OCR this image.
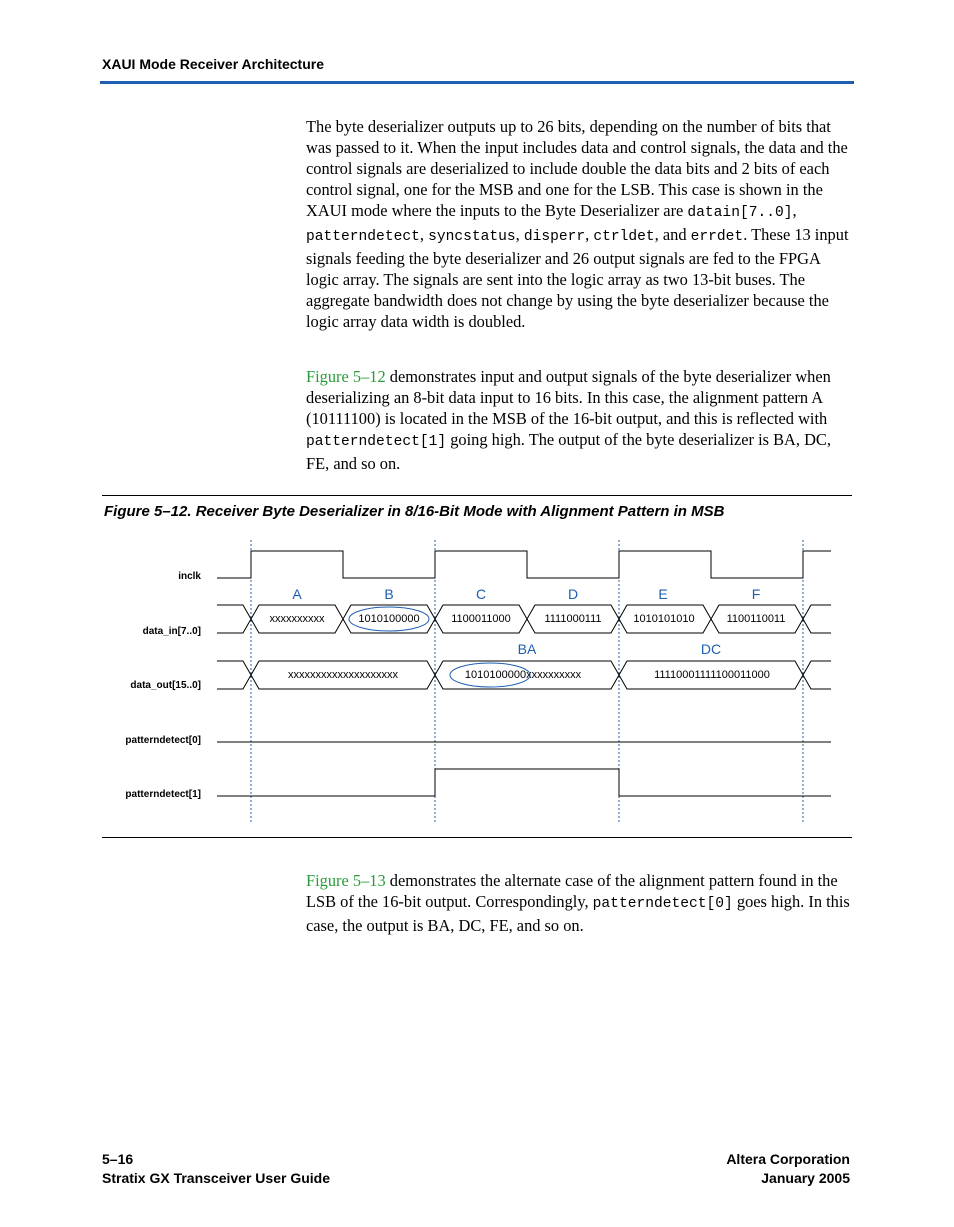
XAUI Mode Receiver Architecture

The byte deserializer outputs up to 26 bits, depending on the number of bits that was passed to it. When the input includes data and control signals, the data and the control signals are deserialized to include double the data bits and 2 bits of each control signal, one for the MSB and one for the LSB. This case is shown in the XAUI mode where the inputs to the Byte Deserializer are datain[7..0], patterndetect, syncstatus, disperr, ctrldet, and errdet. These 13 input signals feeding the byte deserializer and 26 output signals are fed to the FPGA logic array. The signals are sent into the logic array as two 13-bit buses. The aggregate bandwidth does not change by using the byte deserializer because the logic array data width is doubled.

Figure 5–12 demonstrates input and output signals of the byte deserializer when deserializing an 8-bit data input to 16 bits. In this case, the alignment pattern A (10111100) is located in the MSB of the 16-bit output, and this is reflected with patterndetect[1] going high. The output of the byte deserializer is BA, DC, FE, and so on.

Figure 5–12. Receiver Byte Deserializer in 8/16-Bit Mode with Alignment Pattern in MSB
inclk
data_in[7..0]
data_out[15..0]
patterndetect[0]
patterndetect[1]
A	B	C	D	E	F
BA	DC
xxxxxxxxxx	1010100000	1100011000	1111000111	1010101010	1100110011
xxxxxxxxxxxxxxxxxxxx	1010100000xxxxxxxxxx	11110001111100011000

Figure 5–13 demonstrates the alternate case of the alignment pattern found in the LSB of the 16-bit output. Correspondingly, patterndetect[0] goes high. In this case, the output is BA, DC, FE, and so on.

5–16
Stratix GX Transceiver User Guide
Altera Corporation
January 2005
